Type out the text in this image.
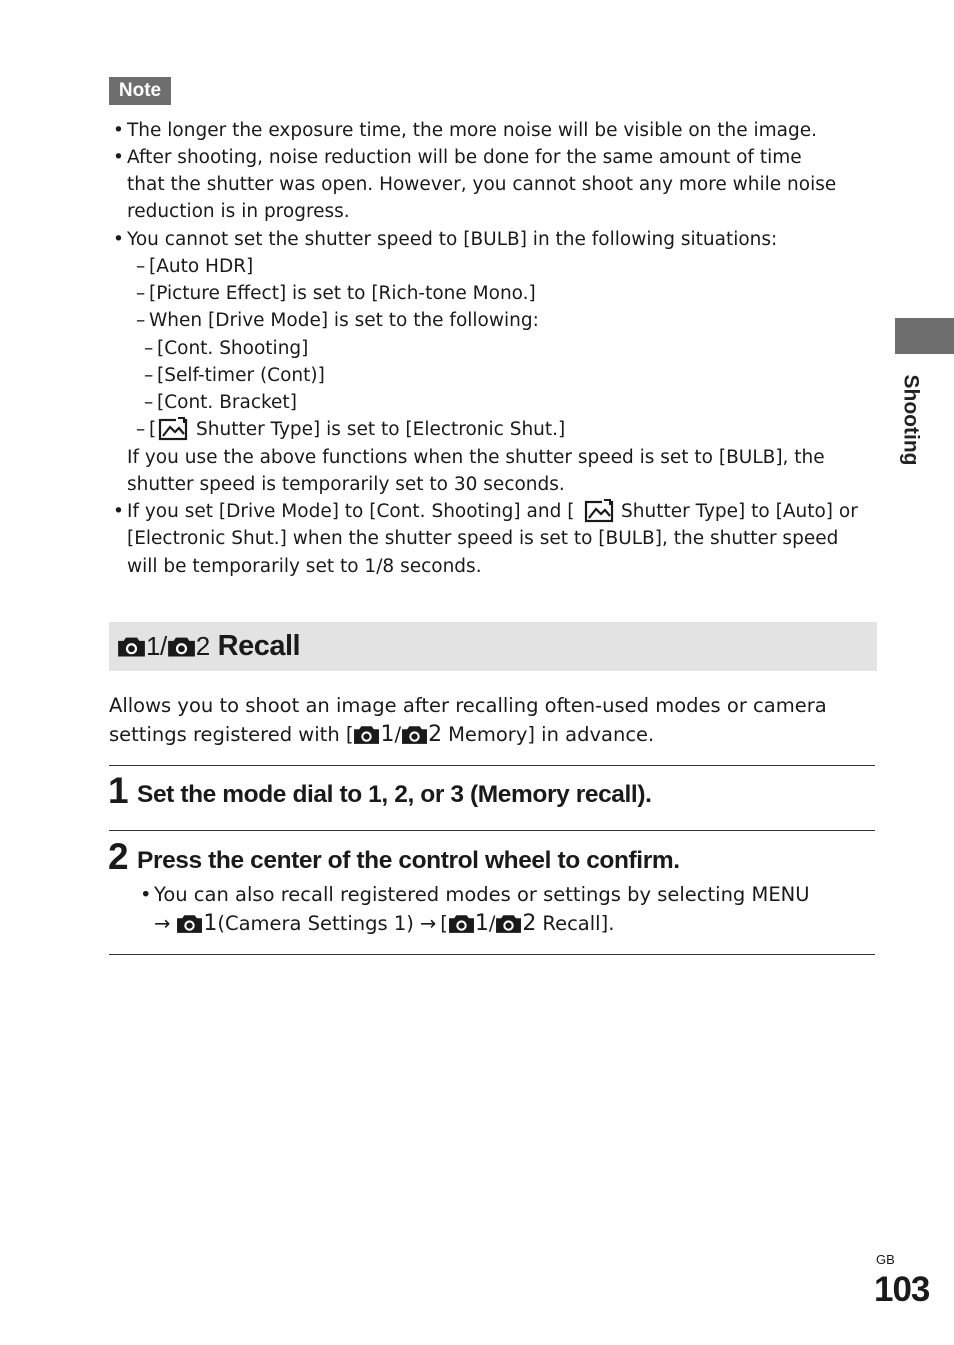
Note
• The longer the exposure time, the more noise will be visible on the image.
• After shooting, noise reduction will be done for the same amount of time
that the shutter was open. However, you cannot shoot any more while noise
reduction is in progress.
• You cannot set the shutter speed to [BULB] in the following situations:
– [Auto HDR]
– [Picture Effect] is set to [Rich-tone Mono.]
– When [Drive Mode] is set to the following:
– [Cont. Shooting]
– [Self-timer (Cont)]
– [Cont. Bracket]
– [ Shutter Type] is set to [Electronic Shut.]
If you use the above functions when the shutter speed is set to [BULB], the
shutter speed is temporarily set to 30 seconds.
• If you set [Drive Mode] to [Cont. Shooting] and [	Shutter Type] to [Auto] or
[Electronic Shut.] when the shutter speed is set to [BULB], the shutter speed
will be temporarily set to 1/8 seconds.
1 / 2 Recall
Allows you to shoot an image after recalling often-used modes or camera
settings registered with [ 1 / 2 Memory] in advance.
1 Set the mode dial to 1, 2, or 3 (Memory recall).
2 Press the center of the control wheel to confirm.
• You can also recall registered modes or settings by selecting MENU
→ 1 (Camera Settings 1) → [ 1 / 2 Recall].
Shooting
GB
103
